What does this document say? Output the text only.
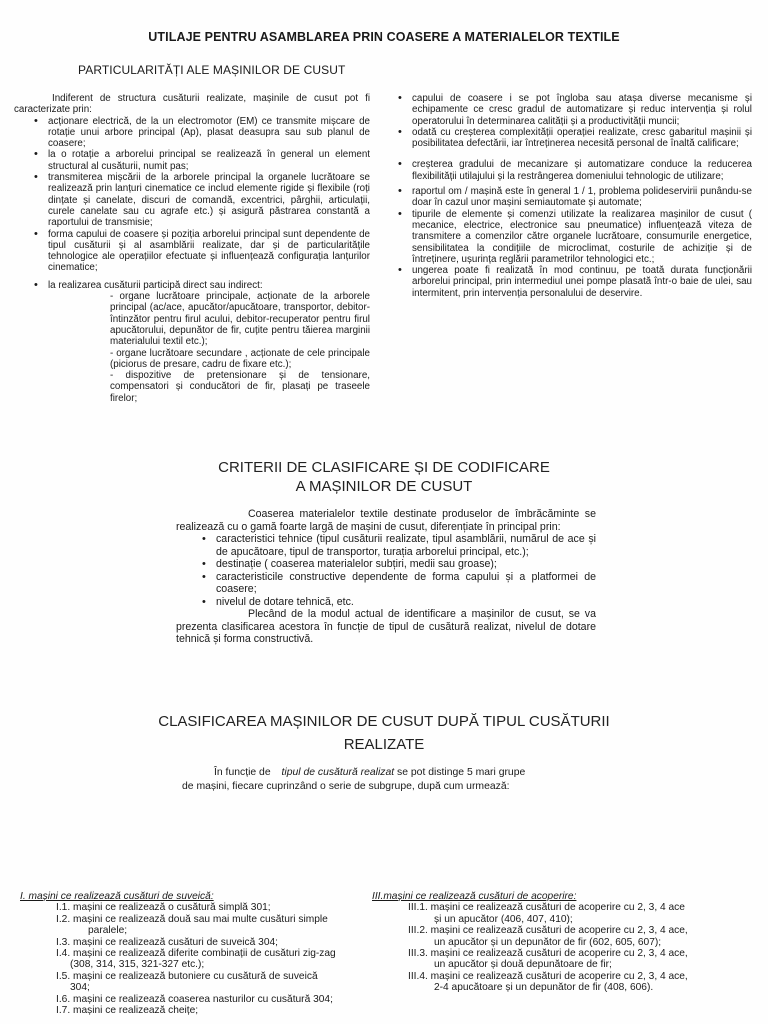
UTILAJE PENTRU ASAMBLAREA PRIN COASERE A MATERIALELOR TEXTILE
PARTICULARITĂȚI ALE MAȘINILOR DE CUSUT

Indiferent de structura cusăturii realizate, mașinile de cusut pot fi caracterizate prin:

• acționare electrică, de la un electromotor (EM) ce transmite mișcare de rotație unui arbore principal (Ap), plasat deasupra sau sub planul de coasere;
• la o rotație a arborelui principal se realizează în general un element structural al cusăturii, numit pas;
• transmiterea mișcării de la arborele principal la organele lucrătoare se realizează prin lanțuri cinematice ce includ elemente rigide și flexibile (roți dințate și canelate, discuri de comandă, excentrici, pârghii, articulații, curele canelate sau cu agrafe etc.) și asigură păstrarea constantă a raportului de transmisie;
• forma capului de coasere și poziția arborelui principal sunt dependente de tipul cusăturii și al asamblării realizate, dar și de particularitățile tehnologice ale operațiilor efectuate și influențează configurația lanțurilor cinematice;
• la realizarea cusăturii participă direct sau indirect:
- organe lucrătoare principale, acționate de la arborele principal (ac/ace, apucător/apucătoare, transportor, debitor-întinzător pentru firul acului, debitor-recuperator pentru firul apucătorului, depunător de fir, cuțite pentru tăierea marginii materialului textil etc.);
- organe lucrătoare secundare , acționate de cele principale (piciorus de presare, cadru de fixare etc.);
- dispozitive de pretensionare și de tensionare, compensatori și conducători de fir, plasați pe traseele firelor;
• capului de coasere i se pot îngloba sau atașa diverse mecanisme și echipamente ce cresc gradul de automatizare și reduc intervenția și rolul operatorului în determinarea calității și a productivității muncii;
• odată cu creșterea complexității operației realizate, cresc gabaritul mașinii și posibilitatea defectării, iar întreținerea necesită personal de înaltă calificare;
• creșterea gradului de mecanizare și automatizare conduce la reducerea flexibilității utilajului și la restrângerea domeniului tehnologic de utilizare;
• raportul om / mașină este în general 1 / 1, problema polideservirii punându-se doar în cazul unor mașini semiautomate și automate;
• tipurile de elemente și comenzi utilizate la realizarea mașinilor de cusut ( mecanice, electrice, electronice sau pneumatice) influențează viteza de transmitere a comenzilor către organele lucrătoare, consumurile energetice, sensibilitatea la condițiile de microclimat, costurile de achiziție și de întreținere, ușurința reglării parametrilor tehnologici etc.;
• ungerea poate fi realizată în mod continuu, pe toată durata funcționării arborelui principal, prin intermediul unei pompe plasată într-o baie de ulei, sau intermitent, prin intervenția personalului de deservire.
CRITERII DE CLASIFICARE ȘI DE CODIFICARE
A MAȘINILOR DE CUSUT

Coaserea materialelor textile destinate produselor de îmbrăcăminte se realizează cu o gamă foarte largă de mașini de cusut, diferențiate în principal prin:

• caracteristici tehnice (tipul cusăturii realizate, tipul asamblării, numărul de ace și de apucătoare, tipul de transportor, turația arborelui principal, etc.);
• destinație ( coaserea materialelor subțiri, medii sau groase);
• caracteristicile constructive dependente de forma capului și a platformei de coasere;
• nivelul de dotare tehnică, etc.

Plecând de la modul actual de identificare a mașinilor de cusut, se va prezenta clasificarea acestora în funcție de tipul de cusătură realizat, nivelul de dotare tehnică și forma constructivă.

CLASIFICAREA MAȘINILOR DE CUSUT DUPĂ TIPUL CUSĂTURII
REALIZATE
În funcție de tipul de cusătură realizat se pot distinge 5 mari grupe
de mașini, fiecare cuprinzând o serie de subgrupe, după cum urmează:
I. mașini ce realizează cusături de suveică:
I.1. mașini ce realizează o cusătură simplă 301;
I.2. mașini ce realizează două sau mai multe cusături simple
paralele;
I.3. mașini ce realizează cusături de suveică 304;
I.4. mașini ce realizează diferite combinații de cusături zig-zag
(308, 314, 315, 321-327 etc.);
I.5. mașini ce realizează butoniere cu cusătură de suveică
304;
I.6. mașini ce realizează coaserea nasturilor cu cusătură 304;
I.7. mașini ce realizează cheițe;
III.mașini ce realizează cusături de acoperire:
III.1. mașini ce realizează cusături de acoperire cu 2, 3, 4 ace
și un apucător (406, 407, 410);
III.2. mașini ce realizează cusături de acoperire cu 2, 3, 4 ace,
un apucător și un depunător de fir (602, 605, 607);
III.3. mașini ce realizează cusături de acoperire cu 2, 3, 4 ace,
un apucător și două depunătoare de fir;
III.4. mașini ce realizează cusături de acoperire cu 2, 3, 4 ace,
2-4 apucătoare și un depunător de fir (408, 606).
